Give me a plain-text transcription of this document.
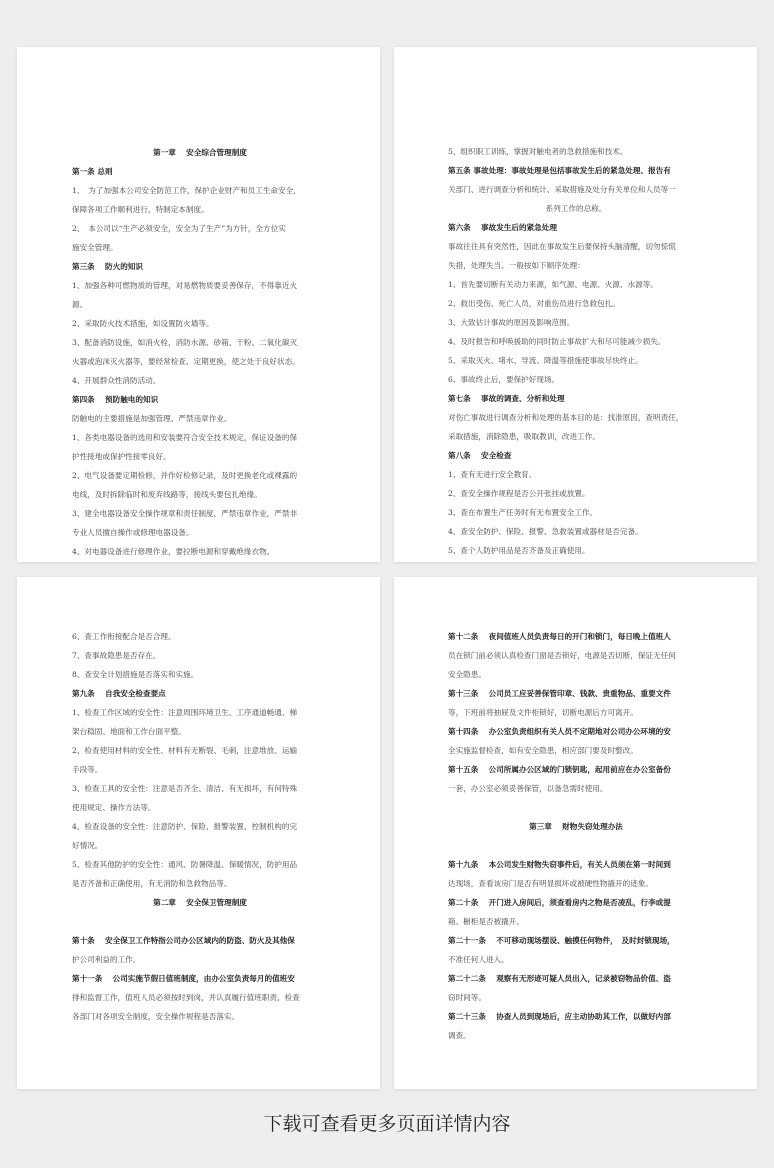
第一章　 安全综合管理制度
第一条 总则
1、　为了加强本公司安全防范工作，保护企业财产和员工生命安全，
保障各项工作顺利进行，特制定本制度。
2、　本公司以“生产必须安全，安全为了生产”为方针，全方位实
施安全管理。
第三条　 防火的知识
1、加强各种可燃物质的管理，对易燃物质要妥善保存，不得靠近火
源。
2、采取防火技术措施，如设置防火墙等。
3、配备消防设施，如消火栓，消防水源、砂箱、干粉、二氧化碳灭
火器或泡沫灭火器等，要经常检查、定期更换，使之处于良好状态。
4、开展群众性消防活动。
第四条　 预防触电的知识
防触电的主要措施是加强管理、严禁违章作业。
1、各类电器设备的选用和安装要符合安全技术规定，保证设备的保
护性接地或保护性接零良好。
2、电气设备要定期检修，并作好检修记录，及时更换老化或裸露的
电线，及时拆除临时和废弃线路等，接线头要包扎绝缘。
3、建全电器设备安全操作规章和责任制度，严禁违章作业，严禁非
专业人员擅自操作或修理电器设备。
4、对电器设备进行修理作业，要拉断电源和穿戴绝缘衣物。
5、组织职工训练，掌握对触电者的急救措施和技术。
第五条 事故处理：事故处理是包括事故发生后的紧急处理、报告有
关部门、进行调查分析和统计、采取措施及处分有关单位和人员等一
系列工作的总称。
第六条　 事故发生后的紧急处理
事故往往具有突然性，因此在事故发生后要保持头脑清醒，切勿惊慌
失措，处理失当。一般按如下顺序处理：
1、首先要切断有关动力来源，如气源、电源、火源、水源等。
2、救出受伤、死亡人员，对重伤员进行急救包扎。
3、大致估计事故的原因及影响范围。
4、及时报告和呼唤援助的同时防止事故扩大和尽可能减少损失。
5、采取灭火、堵水、导流、降温等措施使事故尽快终止。
6、事故终止后，要保护好现场。
第七条　 事故的调查、分析和处理
对伤亡事故进行调查分析和处理的基本目的是：找准原因，查明责任，
采取措施，消除隐患，吸取教训，改进工作。
第八条　 安全检查
1、查有无进行安全教育。
2、查安全操作规程是否公开张挂或放置。
3、查在布置生产任务时有无布置安全工作。
4、查安全防护、保险、报警、急救装置或器材是否完备。
5、查个人防护用品是否齐备及正确使用。
6、查工作衔接配合是否合理。
7、查事故隐患是否存在。
8、查安全计划措施是否落实和实施。
第九条　 自我安全检查要点
1、检查工作区域的安全性：注意周围环境卫生、工序通道畅通、梯
架台稳固、地面和工作台面平整。
2、检查使用材料的安全性、材料有无断裂、毛刺，注意堆放、运输
手段等。
3、检查工具的安全性：注意是否齐全、清洁、有无损坏，有何特殊
使用规定、操作方法等。
4、检查设备的安全性：注意防护、保险、报警装置、控制机构的完
好情况。
5、检查其他防护的安全性：通风、防暑降温、保暖情况，防护用品
是否齐备和正确使用，有无消防和急救物品等。
第二章　 安全保卫管理制度
第十条　 安全保卫工作特指公司办公区域内的防盗、防火及其他保
护公司利益的工作。
第十一条　 公司实施节假日值班制度，由办公室负责每月的值班安
排和监督工作，值班人员必须按时到岗，并认真履行值班职责，检查
各部门对各项安全制度，安全操作规程是否落实。
第十二条　 夜间值班人员负责每日的开门和锁门，每日晚上值班人
员在锁门前必须认真检查门窗是否锁好，电源是否切断，保证无任何
安全隐患。
第十三条　 公司员工应妥善保管印章、钱款、贵重物品、重要文件
等，下班前将抽屉及文件柜锁好，切断电源后方可离开。
第十四条　 办公室负责组织有关人员不定期地对公司办公环境的安
全实施监督检查，如有安全隐患，相应部门要及时整改。
第十五条　 公司所属办公区域的门锁钥匙，起用前应在办公室备份
一套，办公室必须妥善保管，以备急需时使用。
第三章　 财物失窃处理办法
第十九条　 本公司发生财物失窃事件后，有关人员须在第一时间到
达现场，查看该房门是否有明显损坏或被硬性物撬开的迹象。
第二十条　 开门进入房间后，须查看房内之物是否凌乱，行李或提
箱、橱柜是否被撬开。
第二十一条　 不可移动现场摆设、触摸任何物件，　及时封锁现场，
不准任何人进入。
第二十二条　 观察有无形迹可疑人员出入，记录被窃物品价值、盗
窃时间等。
第二十三条　 协查人员到现场后，应主动协助其工作，以做好内部
调查。
下载可查看更多页面详情内容
